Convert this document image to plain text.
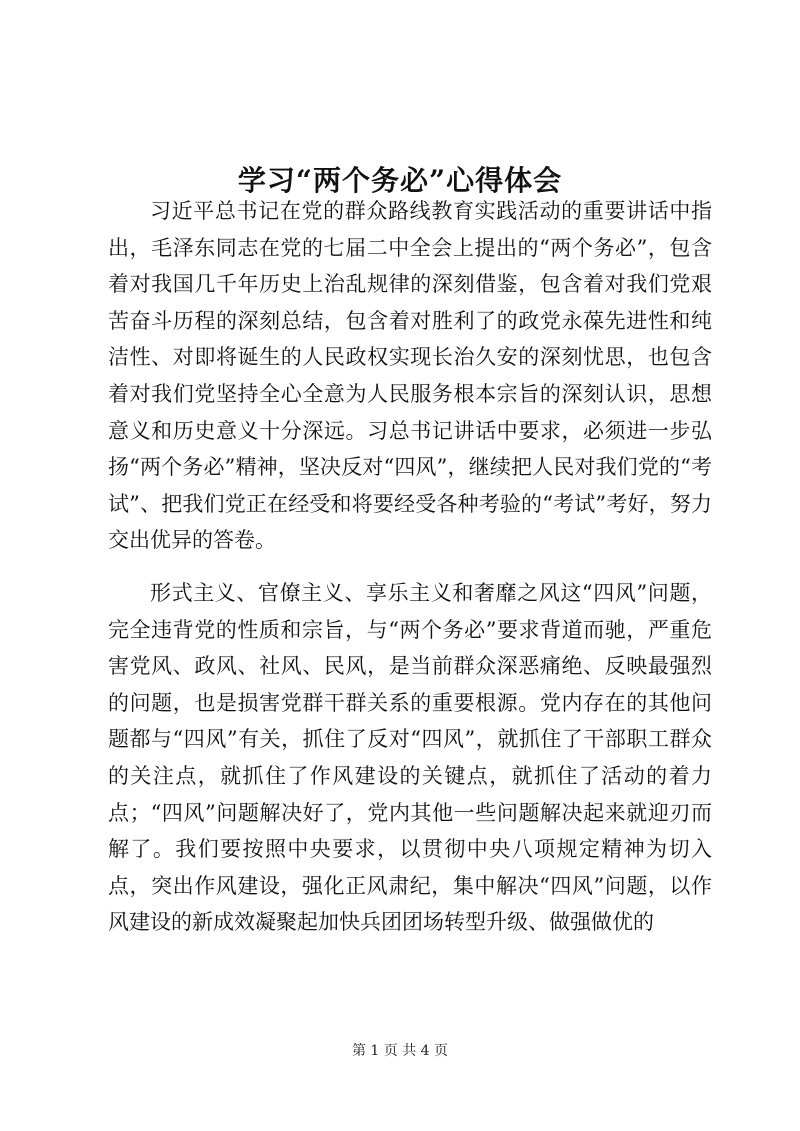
学习“两个务必”心得体会

习近平总书记在党的群众路线教育实践活动的重要讲话中指出，毛泽东同志在党的七届二中全会上提出的“两个务必”，包含着对我国几千年历史上治乱规律的深刻借鉴，包含着对我们党艰苦奋斗历程的深刻总结，包含着对胜利了的政党永葆先进性和纯洁性、对即将诞生的人民政权实现长治久安的深刻忧思，也包含着对我们党坚持全心全意为人民服务根本宗旨的深刻认识，思想意义和历史意义十分深远。习总书记讲话中要求，必须进一步弘扬“两个务必”精神，坚决反对“四风”，继续把人民对我们党的“考试”、把我们党正在经受和将要经受各种考验的“考试”考好，努力交出优异的答卷。

形式主义、官僚主义、享乐主义和奢靡之风这“四风”问题，完全违背党的性质和宗旨，与“两个务必”要求背道而驰，严重危害党风、政风、社风、民风，是当前群众深恶痛绝、反映最强烈的问题，也是损害党群干群关系的重要根源。党内存在的其他问题都与“四风”有关，抓住了反对“四风”，就抓住了干部职工群众的关注点，就抓住了作风建设的关键点，就抓住了活动的着力点；“四风”问题解决好了，党内其他一些问题解决起来就迎刃而解了。我们要按照中央要求，以贯彻中央八项规定精神为切入点，突出作风建设，强化正风肃纪，集中解决“四风”问题，以作风建设的新成效凝聚起加快兵团团场转型升级、做强做优的

第 1 页 共 4 页
